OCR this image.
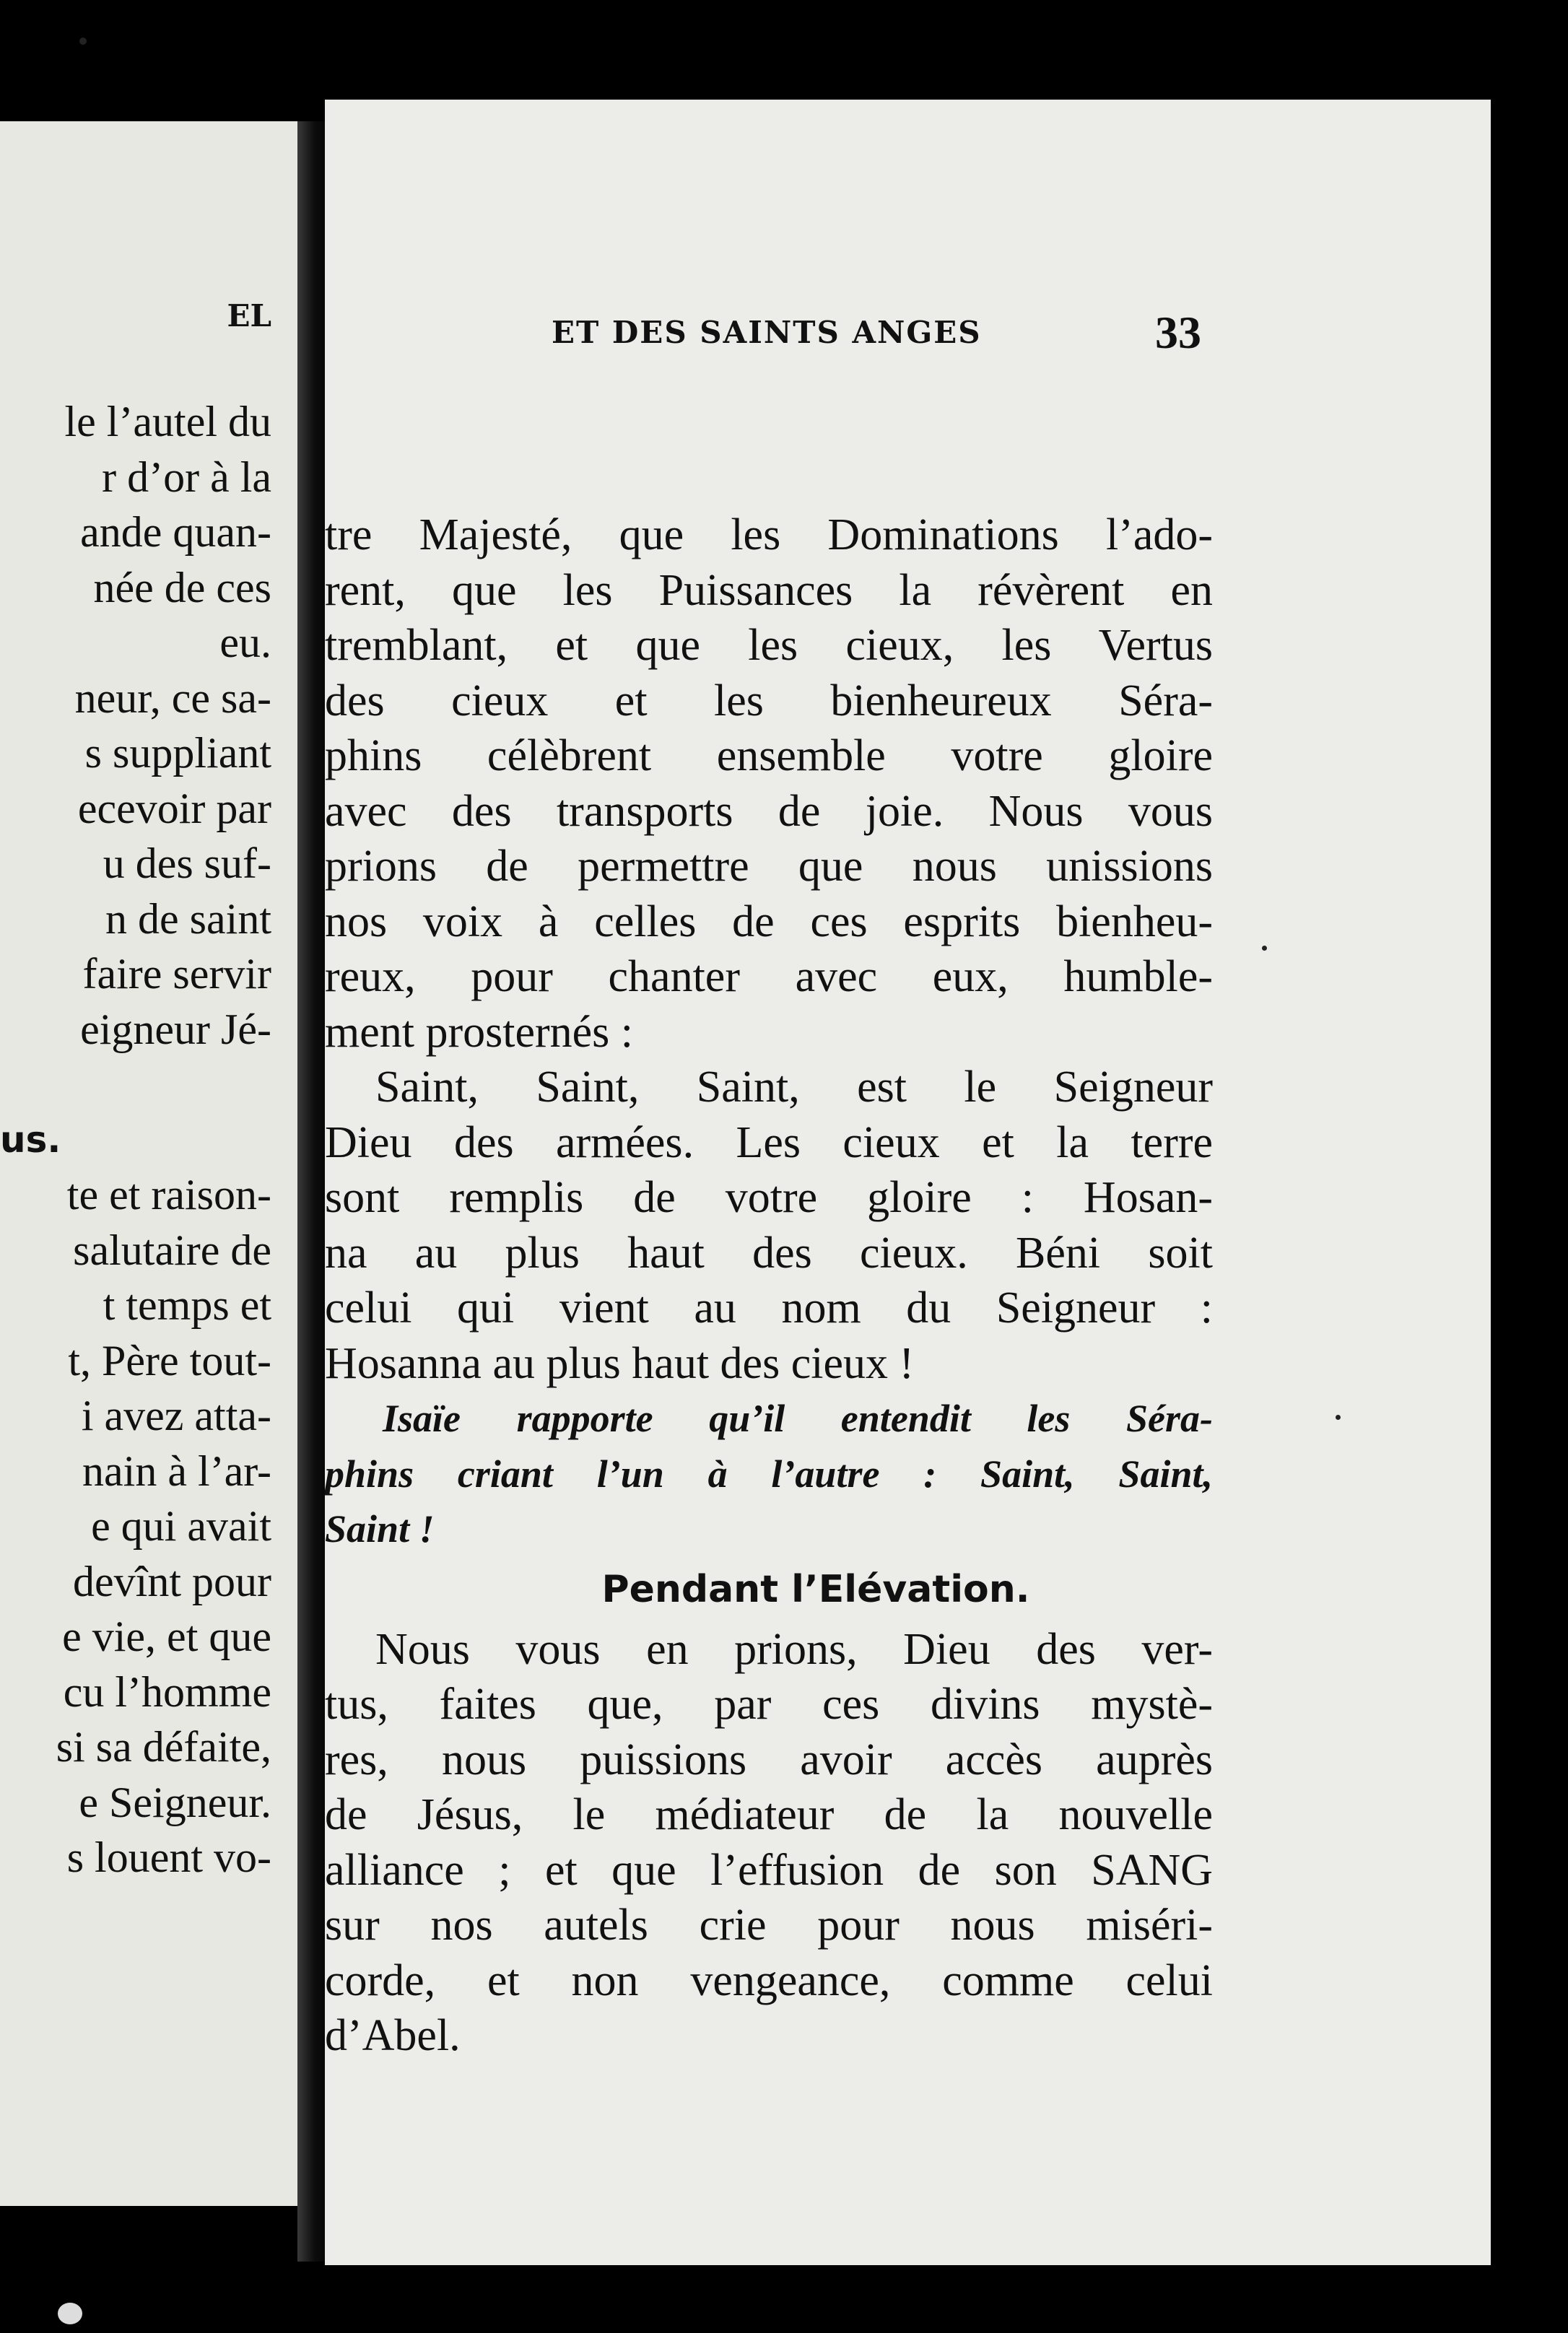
EL
le l’autel du
r d’or à la
ande quan-
née de ces
eu.
neur, ce sa-
s suppliant
ecevoir par
u des suf-
n de saint
faire servir
eigneur Jé-
us.
te et raison-
salutaire de
t temps et
t, Père tout-
i avez atta-
nain à l’ar-
e qui avait
devînt pour
e vie, et que
cu l’homme
si sa défaite,
e Seigneur.
s louent vo-
ET DES SAINTS ANGES	33
tre Majesté, que les Dominations l’ado-
rent, que les Puissances la révèrent en
tremblant, et que les cieux, les Vertus
des cieux et les bienheureux Séra-
phins célèbrent ensemble votre gloire
avec des transports de joie. Nous vous
prions de permettre que nous unissions
nos voix à celles de ces esprits bienheu-
reux, pour chanter avec eux, humble-
ment prosternés :
Saint, Saint, Saint, est le Seigneur
Dieu des armées. Les cieux et la terre
sont remplis de votre gloire : Hosan-
na au plus haut des cieux. Béni soit
celui qui vient au nom du Seigneur :
Hosanna au plus haut des cieux !
Isaïe rapporte qu’il entendit les Séra-
phins criant l’un à l’autre : Saint, Saint,
Saint !
Pendant l’Elévation.
Nous vous en prions, Dieu des ver-
tus, faites que, par ces divins mystè-
res, nous puissions avoir accès auprès
de Jésus, le médiateur de la nouvelle
alliance ; et que l’effusion de son SANG
sur nos autels crie pour nous miséri-
corde, et non vengeance, comme celui
d’Abel.
